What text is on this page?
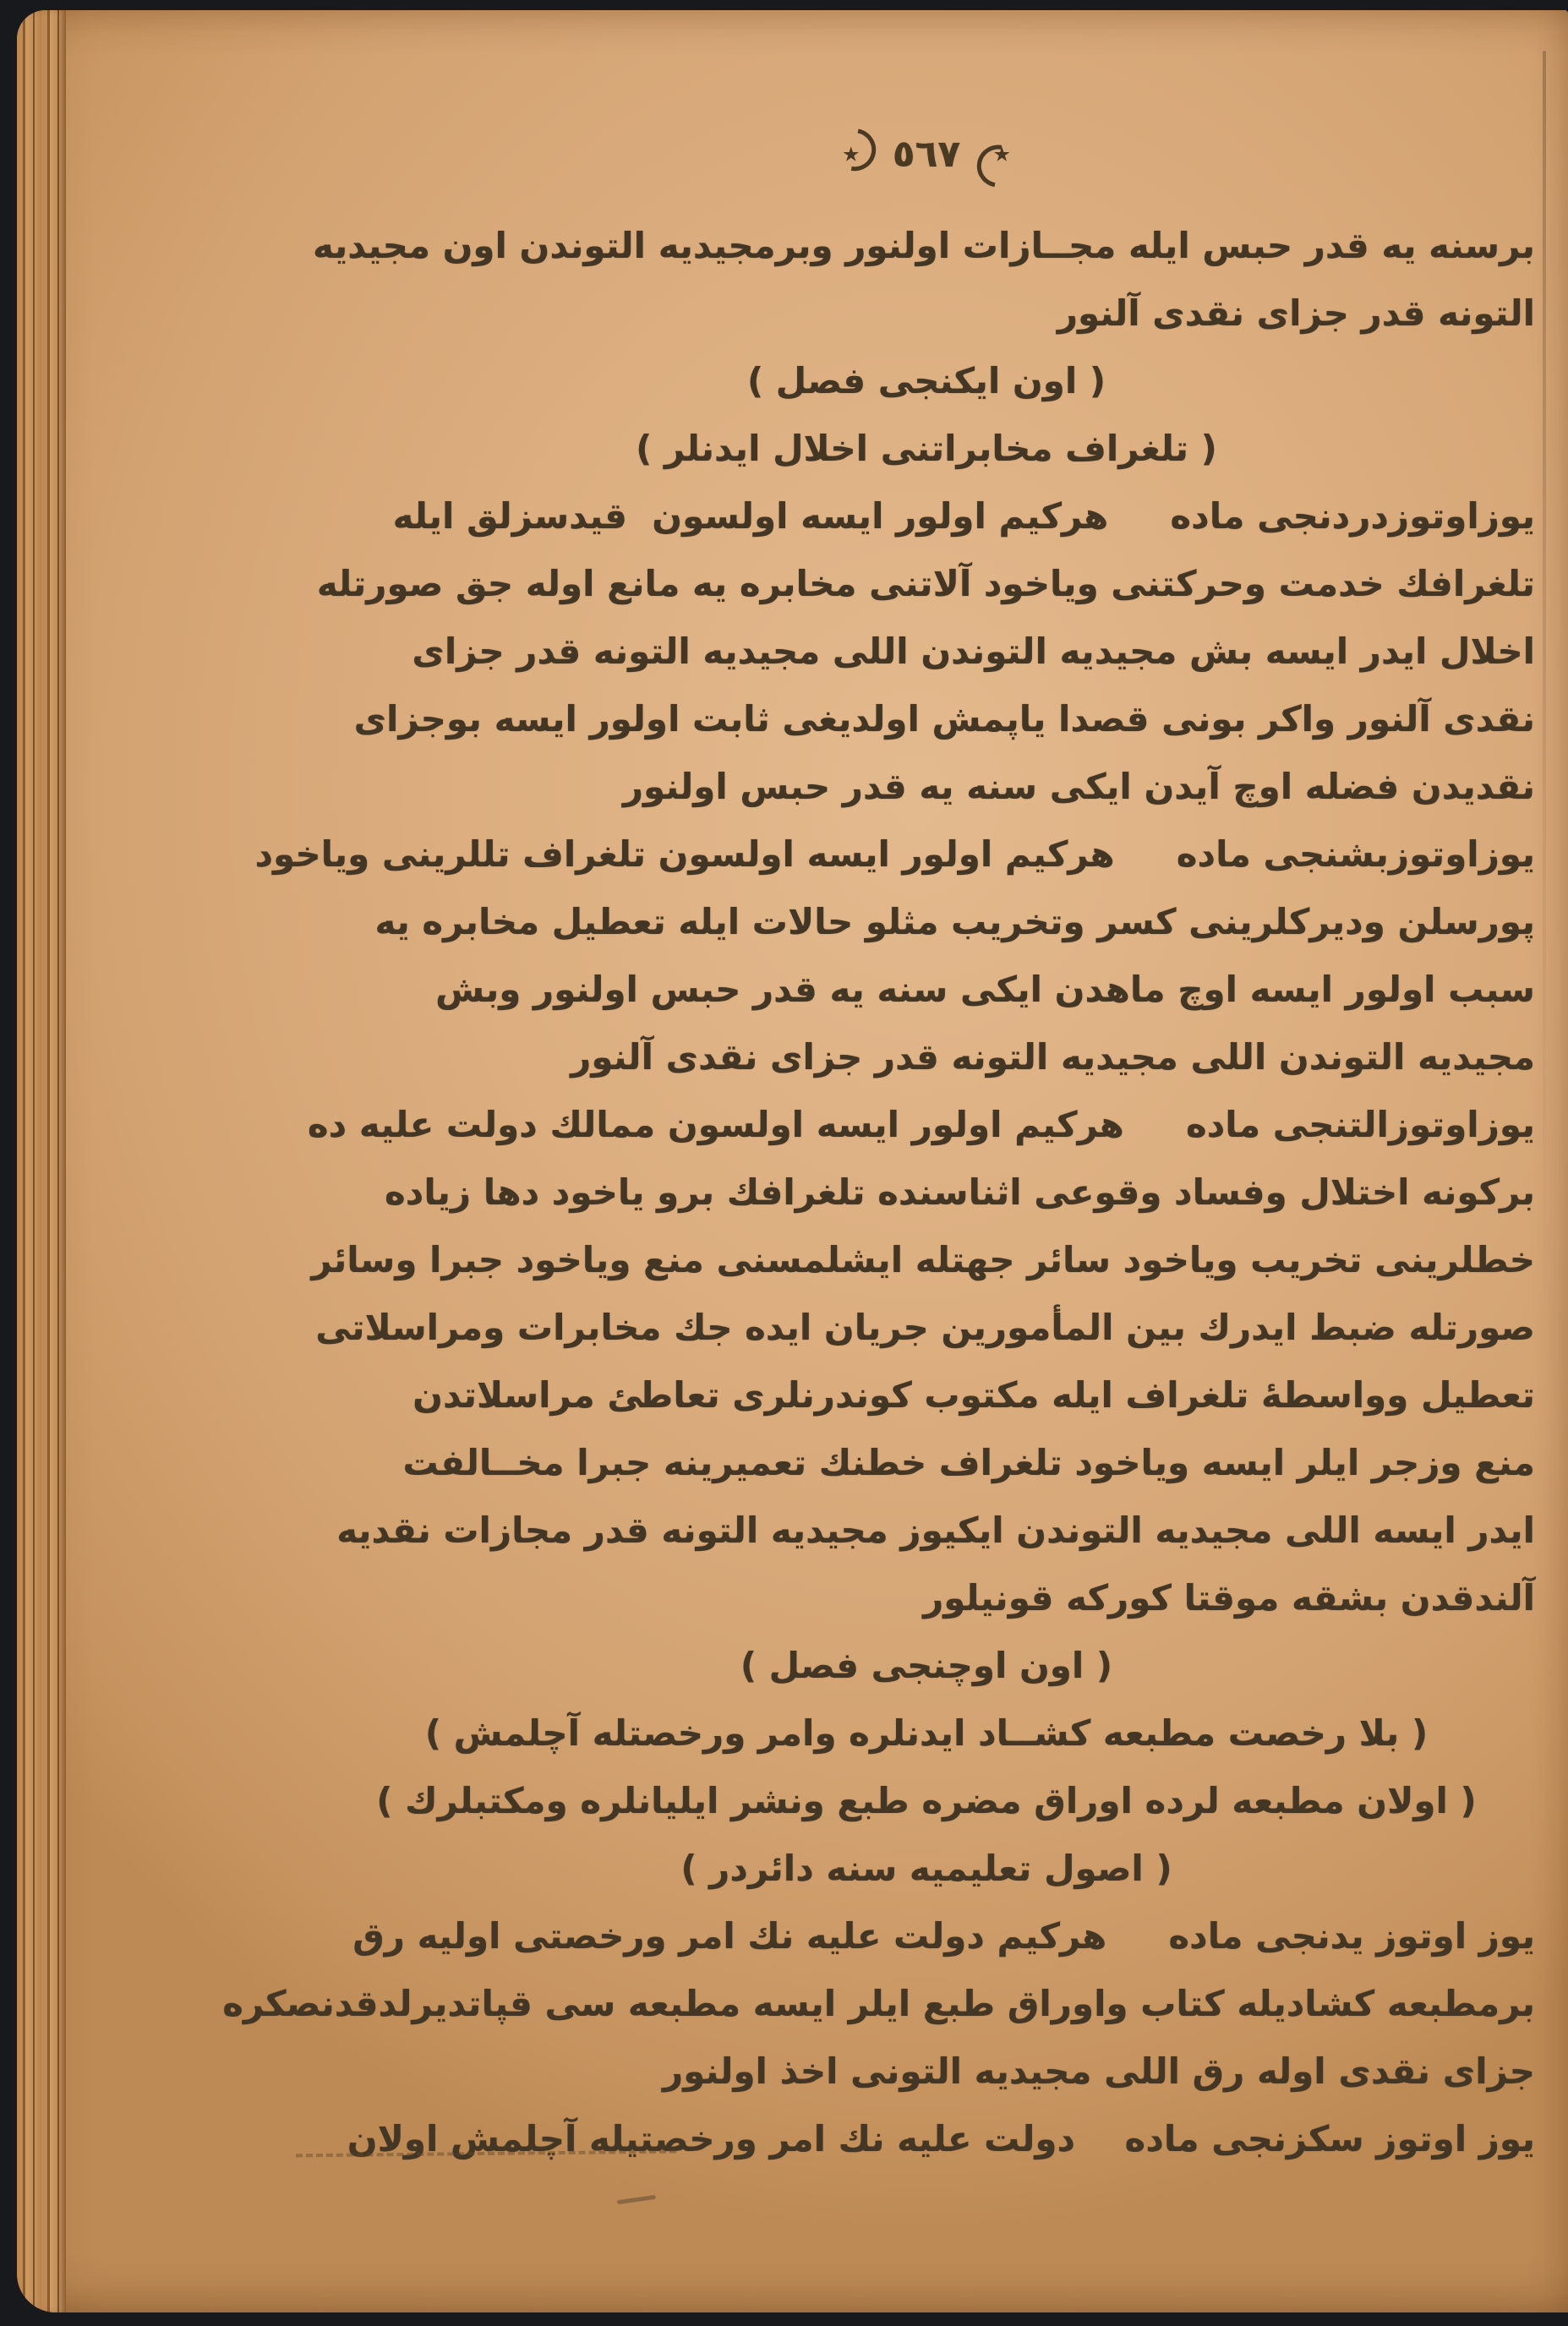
٭
٥٦٧
٭
برسنه يه قدر حبس ايله مجــازات اولنور وبرمجيديه التوندن اون مجيديه
التونه قدر جزاى نقدى آلنور
( اون ايكنجى فصل )
( تلغراف مخابراتنى اخلال ايدنلر )
يوزاوتوزدردنجى ماده     هركيم اولور ايسه اولسون  قيدسزلق ايله
تلغرافك خدمت وحركتنى وياخود آلاتنى مخابره يه مانع اوله جق صورتله
اخلال ايدر ايسه بش مجيديه التوندن اللى مجيديه التونه قدر جزاى
نقدى آلنور واكر بونى قصدا ياپمش اولديغى ثابت اولور ايسه بوجزاى
نقديدن فضله اوچ آيدن ايكى سنه يه قدر حبس اولنور
يوزاوتوزبشنجى ماده     هركيم اولور ايسه اولسون تلغراف تللرينى وياخود
پورسلن وديركلرينى كسر وتخريب مثلو حالات ايله تعطيل مخابره يه
سبب اولور ايسه اوچ ماهدن ايكى سنه يه قدر حبس اولنور وبش
مجيديه التوندن اللى مجيديه التونه قدر جزاى نقدى آلنور
يوزاوتوزالتنجى ماده     هركيم اولور ايسه اولسون ممالك دولت عليه ده
بركونه اختلال وفساد وقوعى اثناسنده تلغرافك برو ياخود دها زياده
خطلرينى تخريب وياخود سائر جهتله ايشلمسنى منع وياخود جبرا وسائر
صورتله ضبط ايدرك بين المأمورين جريان ايده جك مخابرات ومراسلاتى
تعطيل وواسطهٔ تلغراف ايله مكتوب كوندرنلرى تعاطئ مراسلاتدن
منع وزجر ايلر ايسه وياخود تلغراف خطنك تعميرينه جبرا مخــالفت
ايدر ايسه اللى مجيديه التوندن ايكيوز مجيديه التونه قدر مجازات نقديه
آلندقدن بشقه موقتا كوركه قونيلور
( اون اوچنجى فصل )
( بلا رخصت مطبعه كشــاد ايدنلره وامر ورخصتله آچلمش )
( اولان مطبعه لرده اوراق مضره طبع ونشر ايليانلره ومكتبلرك )
( اصول تعليميه سنه دائردر )
يوز اوتوز يدنجى ماده     هركيم دولت عليه نك امر ورخصتى اوليه رق
برمطبعه كشاديله كتاب واوراق طبع ايلر ايسه مطبعه سى قپاتديرلدقدنصكره
جزاى نقدى اوله رق اللى مجيديه التونى اخذ اولنور
يوز اوتوز سكزنجى ماده    دولت عليه نك امر ورخصتيله آچلمش اولان
